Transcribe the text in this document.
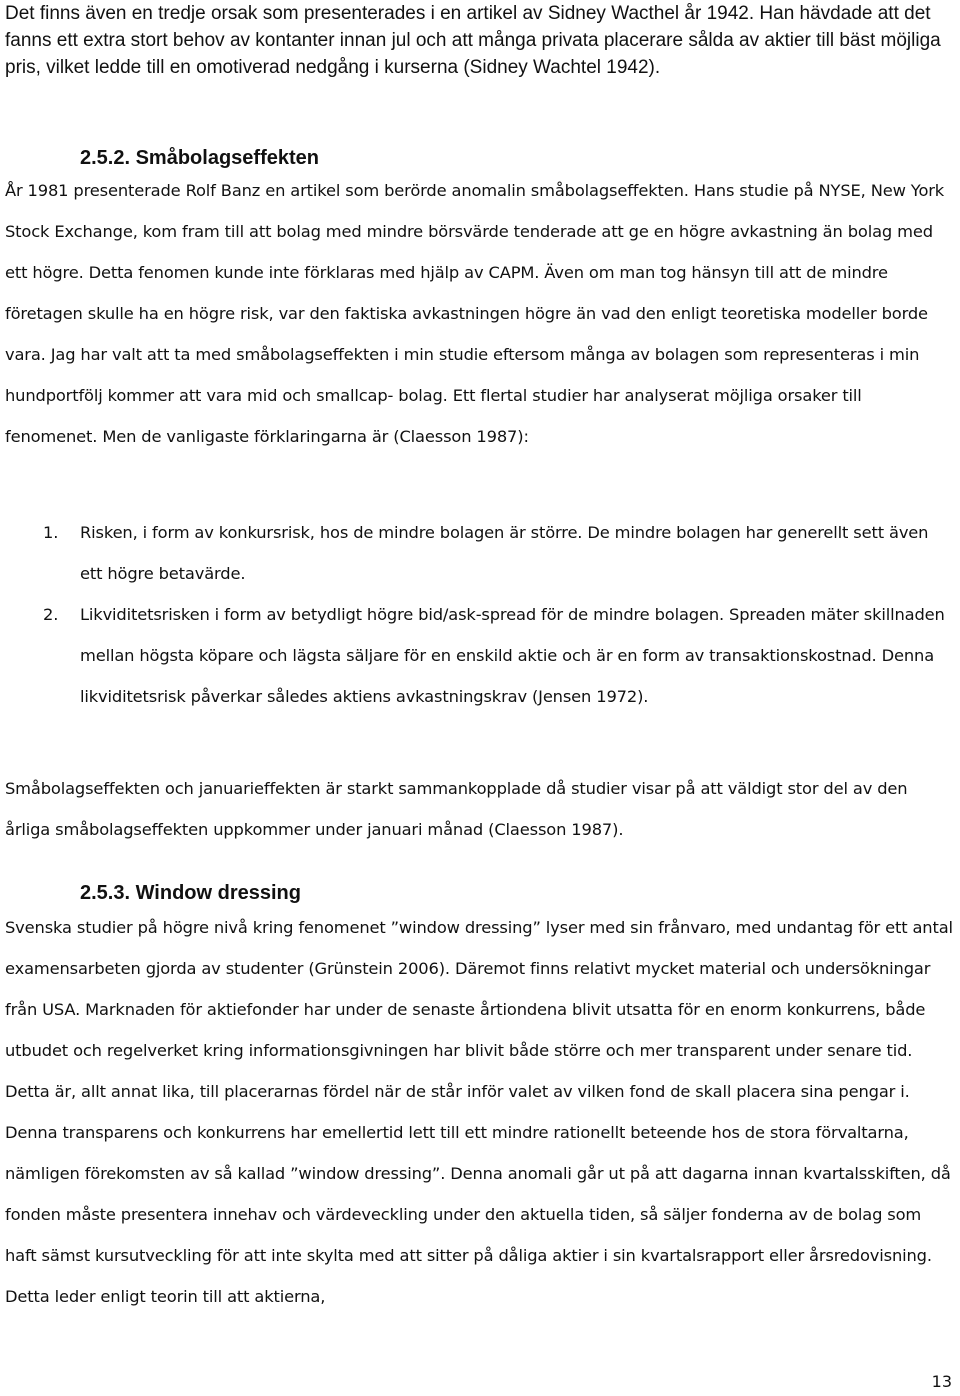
Det finns även en tredje orsak som presenterades i en artikel av Sidney Wacthel år 1942. Han hävdade att det fanns ett extra stort behov av kontanter innan jul och att många privata placerare sålda av aktier till bäst möjliga pris, vilket ledde till en omotiverad nedgång i kurserna (Sidney Wachtel 1942).

2.5.2. Småbolagseffekten

År 1981 presenterade Rolf Banz en artikel som berörde anomalin småbolagseffekten. Hans studie på NYSE, New York Stock Exchange, kom fram till att bolag med mindre börsvärde tenderade att ge en högre avkastning än bolag med ett högre. Detta fenomen kunde inte förklaras med hjälp av CAPM. Även om man tog hänsyn till att de mindre företagen skulle ha en högre risk, var den faktiska avkastningen högre än vad den enligt teoretiska modeller borde vara. Jag har valt att ta med småbolagseffekten i min studie eftersom många av bolagen som representeras i min hundportfölj kommer att vara mid och smallcap- bolag. Ett flertal studier har analyserat möjliga orsaker till fenomenet. Men de vanligaste förklaringarna är (Claesson 1987):

1. Risken, i form av konkursrisk, hos de mindre bolagen är större. De mindre bolagen har generellt sett även ett högre betavärde.
2. Likviditetsrisken i form av betydligt högre bid/ask-spread för de mindre bolagen. Spreaden mäter skillnaden mellan högsta köpare och lägsta säljare för en enskild aktie och är en form av transaktionskostnad. Denna likviditetsrisk påverkar således aktiens avkastningskrav (Jensen 1972).

Småbolagseffekten och januarieffekten är starkt sammankopplade då studier visar på att väldigt stor del av den årliga småbolagseffekten uppkommer under januari månad (Claesson 1987).

2.5.3. Window dressing

Svenska studier på högre nivå kring fenomenet ”window dressing” lyser med sin frånvaro, med undantag för ett antal examensarbeten gjorda av studenter (Grünstein 2006). Däremot finns relativt mycket material och undersökningar från USA. Marknaden för aktiefonder har under de senaste årtiondena blivit utsatta för en enorm konkurrens, både utbudet och regelverket kring informationsgivningen har blivit både större och mer transparent under senare tid. Detta är, allt annat lika, till placerarnas fördel när de står inför valet av vilken fond de skall placera sina pengar i. Denna transparens och konkurrens har emellertid lett till ett mindre rationellt beteende hos de stora förvaltarna, nämligen förekomsten av så kallad ”window dressing”. Denna anomali går ut på att dagarna innan kvartalsskiften, då fonden måste presentera innehav och värdeveckling under den aktuella tiden, så säljer fonderna av de bolag som haft sämst kursutveckling för att inte skylta med att sitter på dåliga aktier i sin kvartalsrapport eller årsredovisning. Detta leder enligt teorin till att aktierna,

13
